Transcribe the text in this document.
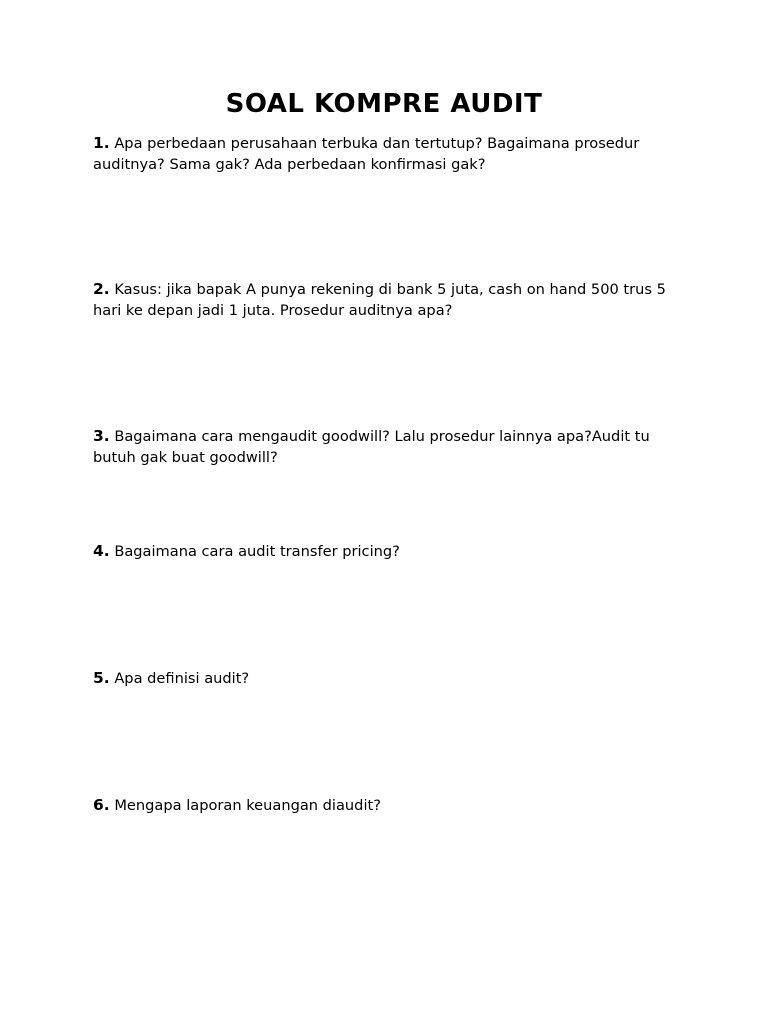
SOAL KOMPRE AUDIT
1. Apa perbedaan perusahaan terbuka dan tertutup? Bagaimana prosedur auditnya? Sama gak? Ada perbedaan konfirmasi gak?
2. Kasus: jika bapak A punya rekening di bank 5 juta, cash on hand 500 trus 5 hari ke depan jadi 1 juta. Prosedur auditnya apa?
3. Bagaimana cara mengaudit goodwill? Lalu prosedur lainnya apa?Audit tu butuh gak buat goodwill?
4. Bagaimana cara audit transfer pricing?
5. Apa definisi audit?
6. Mengapa laporan keuangan diaudit?
